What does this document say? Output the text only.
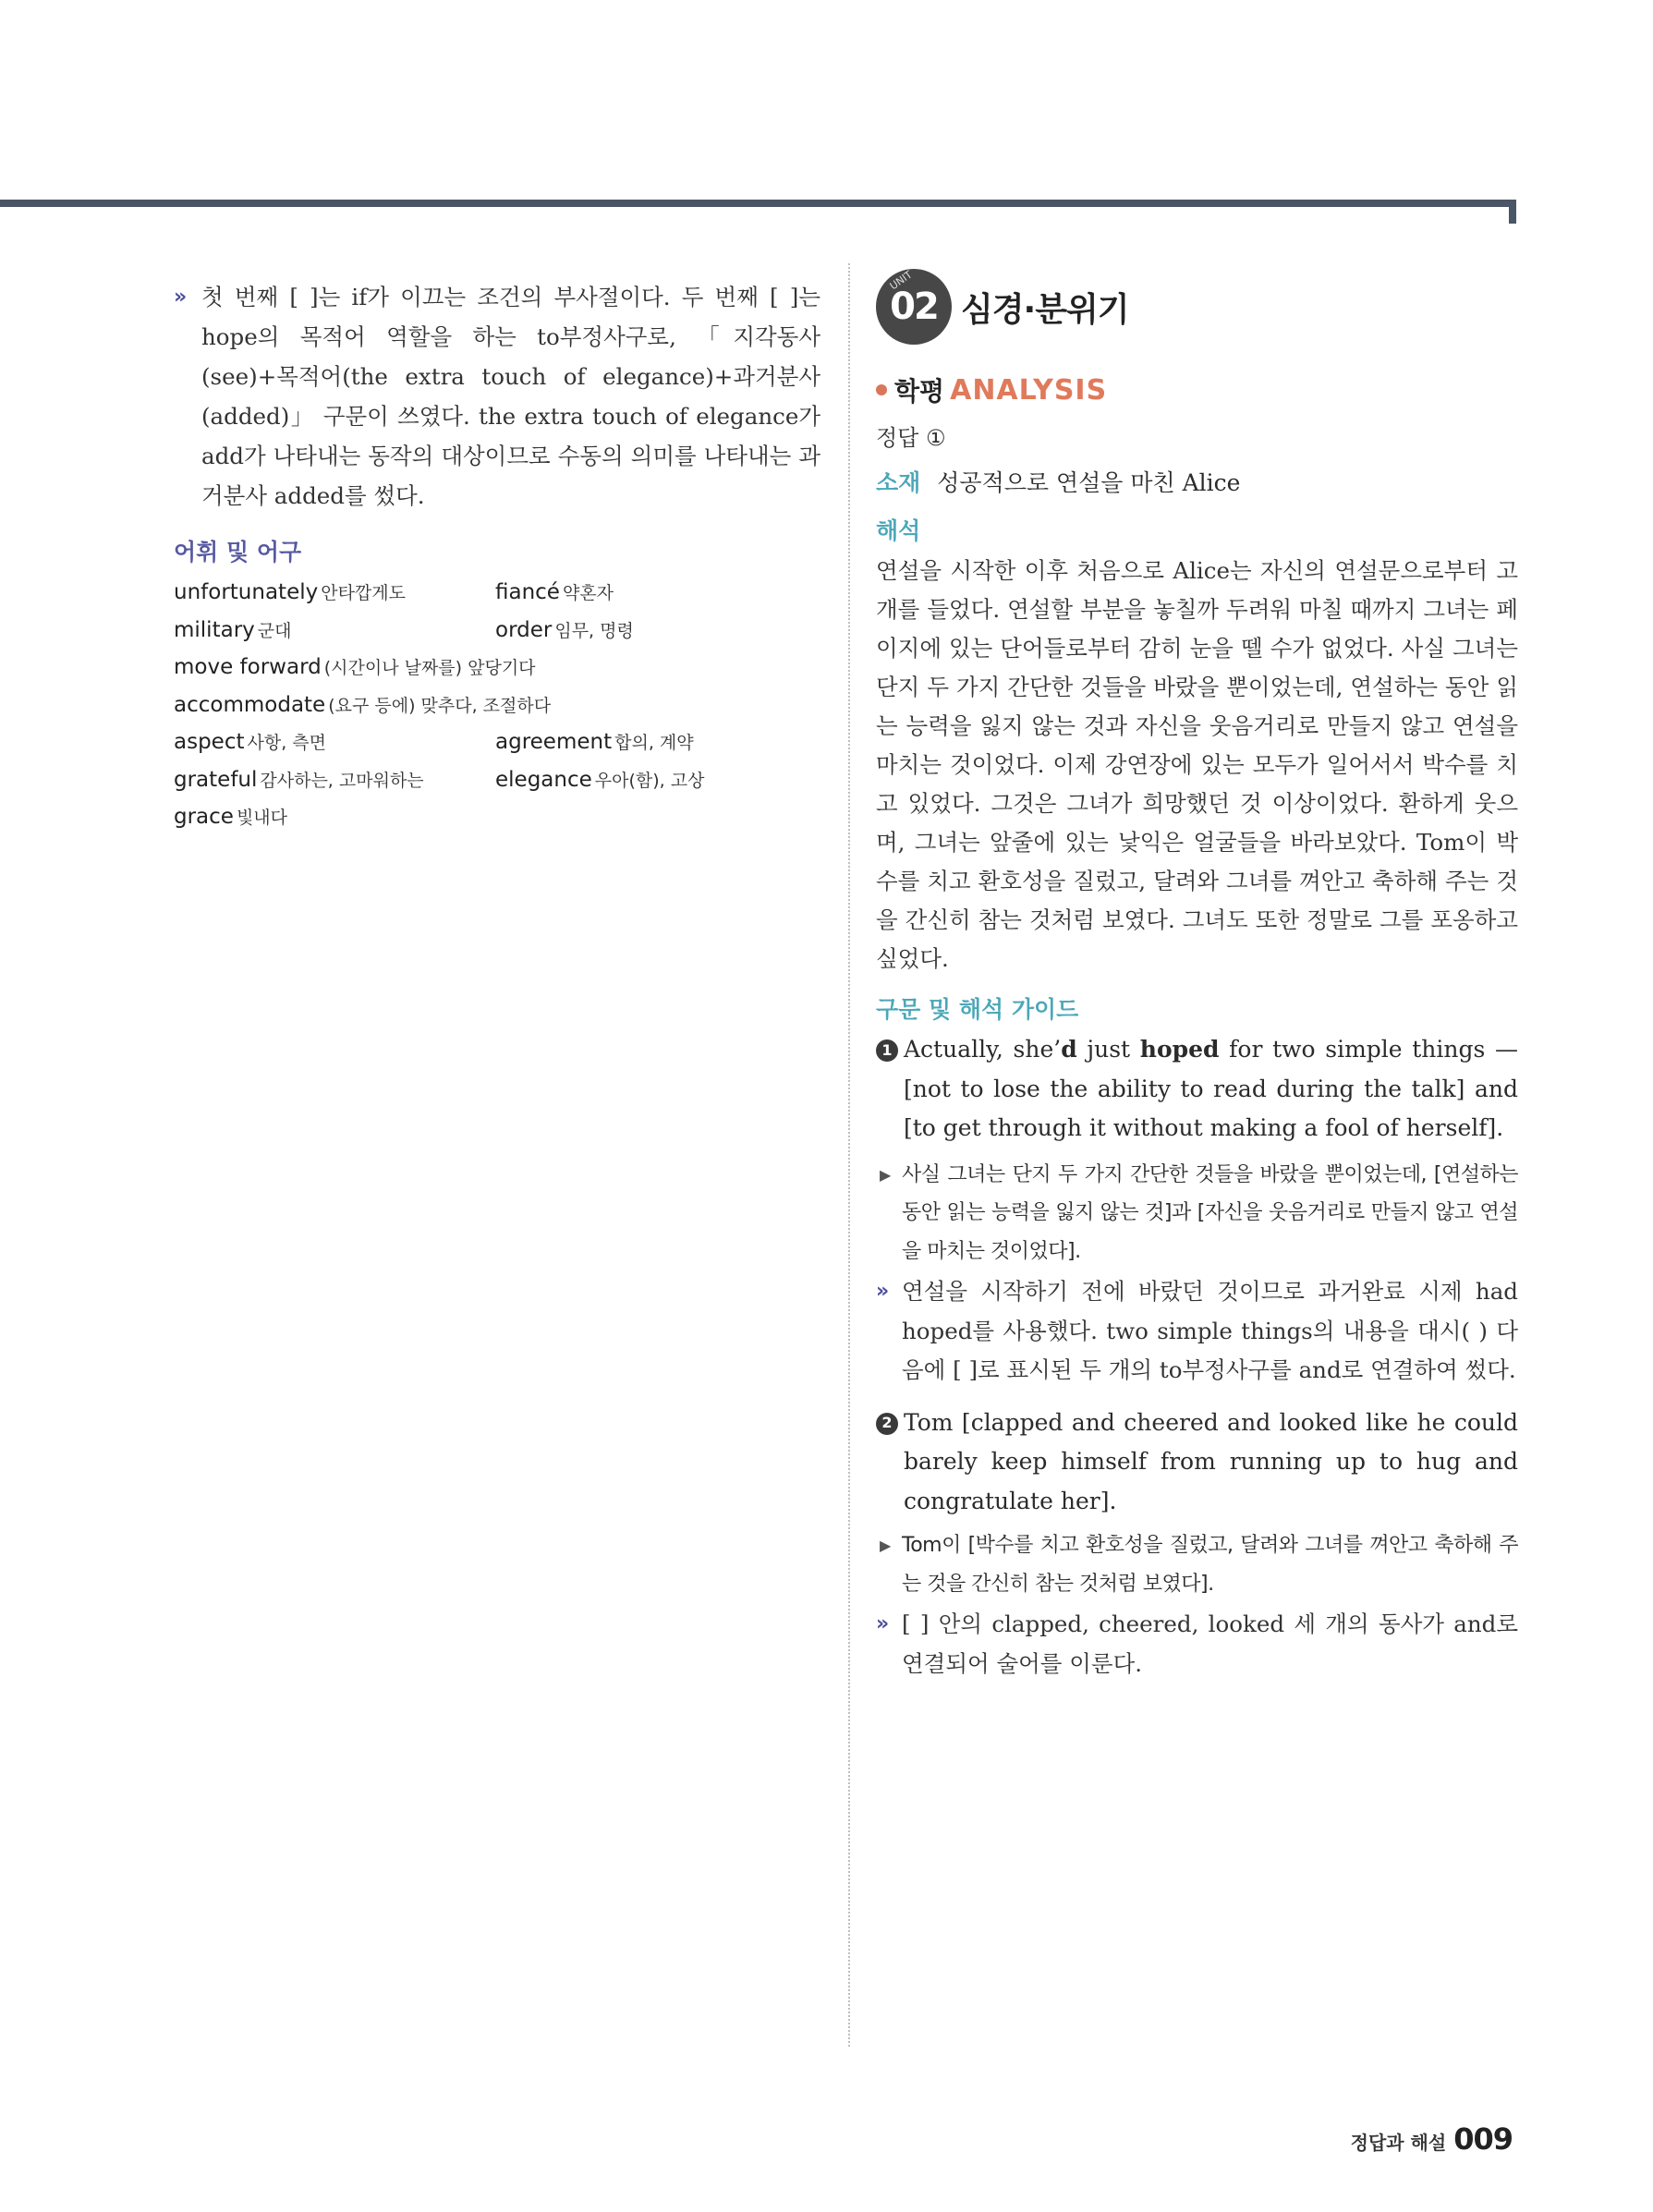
» 첫 번째 [ ]는 if가 이끄는 조건의 부사절이다. 두 번째 [ ]는 hope의 목적어 역할을 하는 to부정사구로, 「지각동사(see)+목적어(the extra touch of elegance)+과거분사(added)」 구문이 쓰였다. the extra touch of elegance가 add가 나타내는 동작의 대상이므로 수동의 의미를 나타내는 과거분사 added를 썼다.
어휘 및 어구
unfortunately 안타깝게도	fiancé 약혼자
military 군대	order 임무, 명령
move forward (시간이나 날짜를) 앞당기다
accommodate (요구 등에) 맞추다, 조절하다
aspect 사항, 측면	agreement 합의, 계약
grateful 감사하는, 고마워하는	elegance 우아(함), 고상
grace 빛내다
UNIT
02 심경·분위기
학평 ANALYSIS
정답 ①
소재 성공적으로 연설을 마친 Alice
해석
연설을 시작한 이후 처음으로 Alice는 자신의 연설문으로부터 고개를 들었다. 연설할 부분을 놓칠까 두려워 마칠 때까지 그녀는 페이지에 있는 단어들로부터 감히 눈을 뗄 수가 없었다. 사실 그녀는 단지 두 가지 간단한 것들을 바랐을 뿐이었는데, 연설하는 동안 읽는 능력을 잃지 않는 것과 자신을 웃음거리로 만들지 않고 연설을 마치는 것이었다. 이제 강연장에 있는 모두가 일어서서 박수를 치고 있었다. 그것은 그녀가 희망했던 것 이상이었다. 환하게 웃으며, 그녀는 앞줄에 있는 낯익은 얼굴들을 바라보았다. Tom이 박수를 치고 환호성을 질렀고, 달려와 그녀를 껴안고 축하해 주는 것을 간신히 참는 것처럼 보였다. 그녀도 또한 정말로 그를 포옹하고 싶었다.
구문 및 해석 가이드
1 Actually, she’d just hoped for two simple things — [not to lose the ability to read during the talk] and [to get through it without making a fool of herself].
▶ 사실 그녀는 단지 두 가지 간단한 것들을 바랐을 뿐이었는데, [연설하는 동안 읽는 능력을 잃지 않는 것]과 [자신을 웃음거리로 만들지 않고 연설을 마치는 것이었다].
» 연설을 시작하기 전에 바랐던 것이므로 과거완료 시제 had hoped를 사용했다. two simple things의 내용을 대시( ) 다음에 [ ]로 표시된 두 개의 to부정사구를 and로 연결하여 썼다.
2 Tom [clapped and cheered and looked like he could barely keep himself from running up to hug and congratulate her].
▶ Tom이 [박수를 치고 환호성을 질렀고, 달려와 그녀를 껴안고 축하해 주는 것을 간신히 참는 것처럼 보였다].
» [ ] 안의 clapped, cheered, looked 세 개의 동사가 and로 연결되어 술어를 이룬다.
정답과 해설 009
